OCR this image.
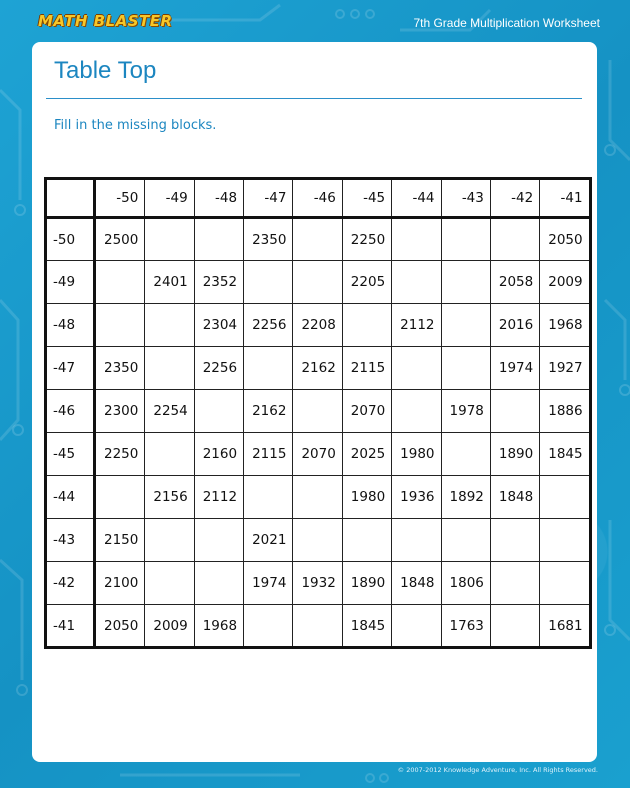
MATH BLASTER	7th Grade Multiplication Worksheet
Table Top
Fill in the missing blocks.
	-50	-49	-48	-47	-46	-45	-44	-43	-42	-41
-50	2500			2350		2250				2050
-49		2401	2352			2205			2058	2009
-48			2304	2256	2208		2112		2016	1968
-47	2350		2256		2162	2115			1974	1927
-46	2300	2254		2162		2070		1978		1886
-45	2250		2160	2115	2070	2025	1980		1890	1845
-44		2156	2112			1980	1936	1892	1848	
-43	2150			2021						
-42	2100			1974	1932	1890	1848	1806		
-41	2050	2009	1968			1845		1763		1681
© 2007-2012 Knowledge Adventure, Inc. All Rights Reserved.
